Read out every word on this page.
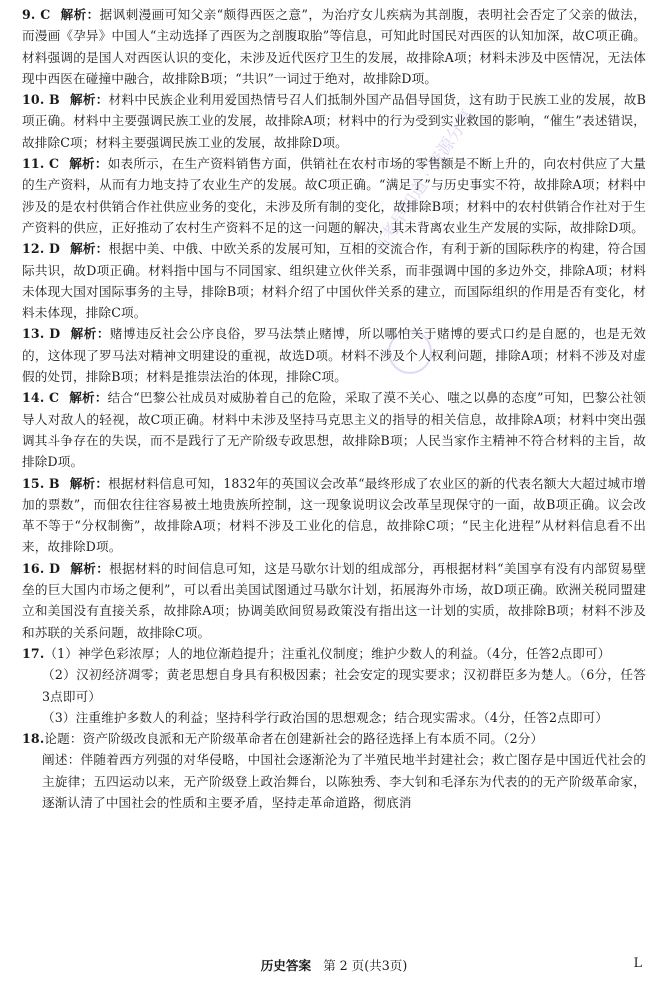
高考早知道 · 资源分享

9. C 解析：据讽刺漫画可知父亲“颇得西医之意”，为治疗女儿疾病为其剖腹，表明社会否定了父亲的做法，而漫画《孕异》中国人“主动选择了西医为之剖腹取胎”等信息，可知此时国民对西医的认知加深，故C项正确。材料强调的是国人对西医认识的变化，未涉及近代医疗卫生的发展，故排除A项；材料未涉及中医情况，无法体现中西医在碰撞中融合，故排除B项；“共识”一词过于绝对，故排除D项。

10. B 解析：材料中民族企业利用爱国热情号召人们抵制外国产品倡导国货，这有助于民族工业的发展，故B项正确。材料中主要强调民族工业的发展，故排除A项；材料中的行为受到实业救国的影响，“催生”表述错误，故排除C项；材料主要强调民族工业的发展，故排除D项。

11. C 解析：如表所示，在生产资料销售方面，供销社在农村市场的零售额是不断上升的，向农村供应了大量的生产资料，从而有力地支持了农业生产的发展。故C项正确。“满足了”与历史事实不符，故排除A项；材料中涉及的是农村供销合作社供应业务的变化，未涉及所有制的变化，故排除B项；材料中的农村供销合作社对于生产资料的供应，正好推动了农村生产资料不足的这一问题的解决，其未背离农业生产发展的实际，故排除D项。

12. D 解析：根据中美、中俄、中欧关系的发展可知，互相的交流合作，有利于新的国际秩序的构建，符合国际共识，故D项正确。材料指中国与不同国家、组织建立伙伴关系，而非强调中国的多边外交，排除A项；材料未体现大国对国际事务的主导，排除B项；材料介绍了中国伙伴关系的建立，而国际组织的作用是否有变化，材料未体现，排除C项。

13. D 解析：赌博违反社会公序良俗，罗马法禁止赌博，所以哪怕关于赌博的要式口约是自愿的，也是无效的，这体现了罗马法对精神文明建设的重视，故选D项。材料不涉及个人权利问题，排除A项；材料不涉及对虚假的处罚，排除B项；材料是推崇法治的体现，排除C项。

14. C 解析：结合“巴黎公社成员对威胁着自己的危险，采取了漠不关心、嗤之以鼻的态度”可知，巴黎公社领导人对敌人的轻视，故C项正确。材料中未涉及坚持马克思主义的指导的相关信息，故排除A项；材料中突出强调其斗争存在的失误，而不是践行了无产阶级专政思想，故排除B项；人民当家作主精神不符合材料的主旨，故排除D项。

15. B 解析：根据材料信息可知，1832年的英国议会改革“最终形成了农业区的新的代表名额大大超过城市增加的票数”，而佃农往往容易被土地贵族所控制，这一现象说明议会改革呈现保守的一面，故B项正确。议会改革不等于“分权制衡”，故排除A项；材料不涉及工业化的信息，故排除C项；“民主化进程”从材料信息看不出来，故排除D项。

16. D 解析：根据材料的时间信息可知，这是马歇尔计划的组成部分，再根据材料“美国享有没有内部贸易壁垒的巨大国内市场之便利”，可以看出美国试图通过马歇尔计划，拓展海外市场，故D项正确。欧洲关税同盟建立和美国没有直接关系，故排除A项；协调美欧间贸易政策没有指出这一计划的实质，故排除B项；材料不涉及和苏联的关系问题，故排除C项。

17.（1）神学色彩浓厚；人的地位渐趋提升；注重礼仪制度；维护少数人的利益。（4分，任答2点即可）

（2）汉初经济凋零；黄老思想自身具有积极因素；社会安定的现实要求；汉初群臣多为楚人。（6分，任答3点即可）

（3）注重维护多数人的利益；坚持科学行政治国的思想观念；结合现实需求。（4分，任答2点即可）

18.论题：资产阶级改良派和无产阶级革命者在创建新社会的路径选择上有本质不同。（2分）

阐述：伴随着西方列强的对华侵略，中国社会逐渐沦为了半殖民地半封建社会；救亡图存是中国近代社会的主旋律；五四运动以来，无产阶级登上政治舞台，以陈独秀、李大钊和毛泽东为代表的的无产阶级革命家，逐渐认清了中国社会的性质和主要矛盾，坚持走革命道路，彻底消

历史答案 第 2 页(共3页)	L
